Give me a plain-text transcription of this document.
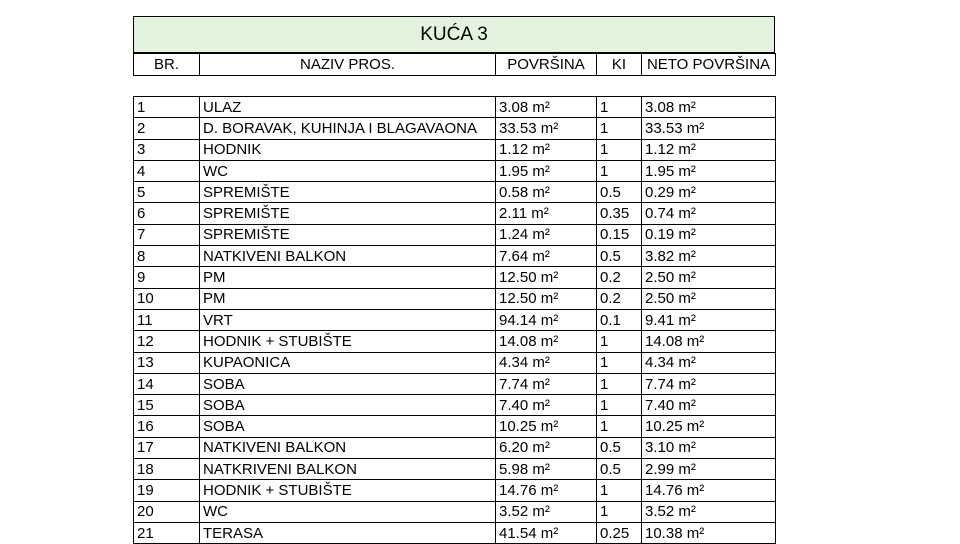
KUĆA 3
BR.	NAZIV PROS.	POVRŠINA	KI	NETO POVRŠINA
1	ULAZ	3.08 m²	1	3.08 m²
2	D. BORAVAK, KUHINJA I BLAGAVAONA	33.53 m²	1	33.53 m²
3	HODNIK	1.12 m²	1	1.12 m²
4	WC	1.95 m²	1	1.95 m²
5	SPREMIŠTE	0.58 m²	0.5	0.29 m²
6	SPREMIŠTE	2.11 m²	0.35	0.74 m²
7	SPREMIŠTE	1.24 m²	0.15	0.19 m²
8	NATKIVENI BALKON	7.64 m²	0.5	3.82 m²
9	PM	12.50 m²	0.2	2.50 m²
10	PM	12.50 m²	0.2	2.50 m²
11	VRT	94.14 m²	0.1	9.41 m²
12	HODNIK + STUBIŠTE	14.08 m²	1	14.08 m²
13	KUPAONICA	4.34 m²	1	4.34 m²
14	SOBA	7.74 m²	1	7.74 m²
15	SOBA	7.40 m²	1	7.40 m²
16	SOBA	10.25 m²	1	10.25 m²
17	NATKIVENI BALKON	6.20 m²	0.5	3.10 m²
18	NATKRIVENI BALKON	5.98 m²	0.5	2.99 m²
19	HODNIK + STUBIŠTE	14.76 m²	1	14.76 m²
20	WC	3.52 m²	1	3.52 m²
21	TERASA	41.54 m²	0.25	10.38 m²
